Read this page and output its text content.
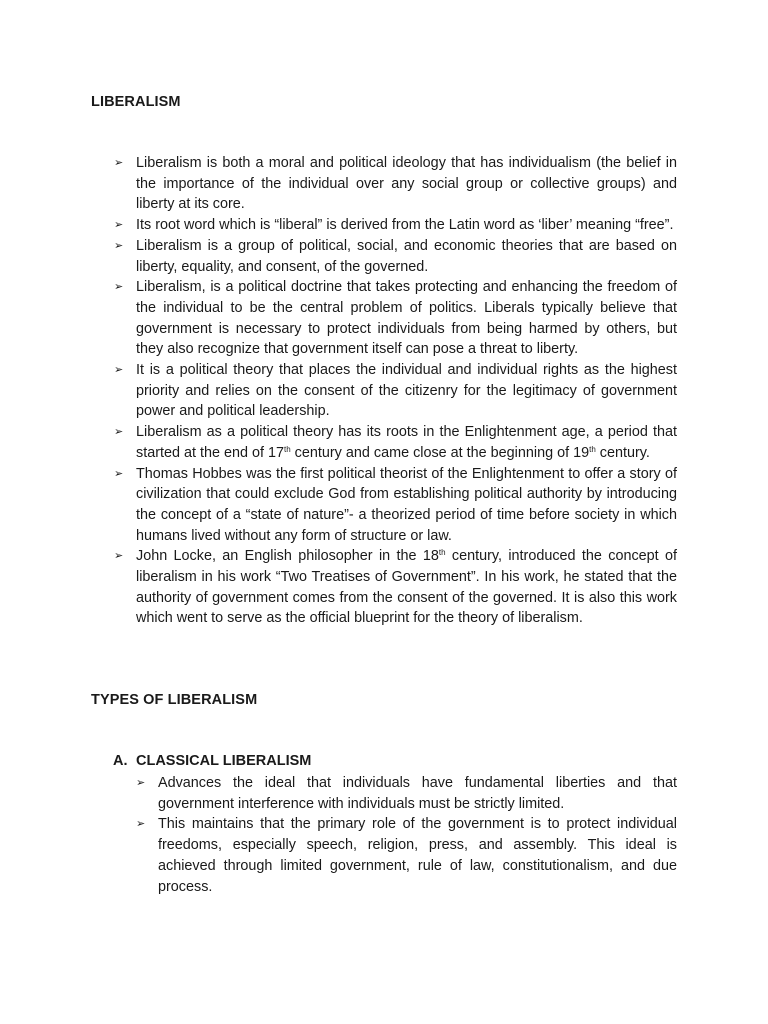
LIBERALISM
➢ Liberalism is both a moral and political ideology that has individualism (the belief in the importance of the individual over any social group or collective groups) and liberty at its core.
➢ Its root word which is “liberal” is derived from the Latin word as ‘liber’ meaning “free”.
➢ Liberalism is a group of political, social, and economic theories that are based on liberty, equality, and consent, of the governed.
➢ Liberalism, is a political doctrine that takes protecting and enhancing the freedom of the individual to be the central problem of politics. Liberals typically believe that government is necessary to protect individuals from being harmed by others, but they also recognize that government itself can pose a threat to liberty.
➢ It is a political theory that places the individual and individual rights as the highest priority and relies on the consent of the citizenry for the legitimacy of government power and political leadership.
➢ Liberalism as a political theory has its roots in the Enlightenment age, a period that started at the end of 17th century and came close at the beginning of 19th century.
➢ Thomas Hobbes was the first political theorist of the Enlightenment to offer a story of civilization that could exclude God from establishing political authority by introducing the concept of a “state of nature”- a theorized period of time before society in which humans lived without any form of structure or law.
➢ John Locke, an English philosopher in the 18th century, introduced the concept of liberalism in his work “Two Treatises of Government”. In his work, he stated that the authority of government comes from the consent of the governed. It is also this work which went to serve as the official blueprint for the theory of liberalism.
TYPES OF LIBERALISM
A. CLASSICAL LIBERALISM
➢ Advances the ideal that individuals have fundamental liberties and that government interference with individuals must be strictly limited.
➢ This maintains that the primary role of the government is to protect individual freedoms, especially speech, religion, press, and assembly. This ideal is achieved through limited government, rule of law, constitutionalism, and due process.
